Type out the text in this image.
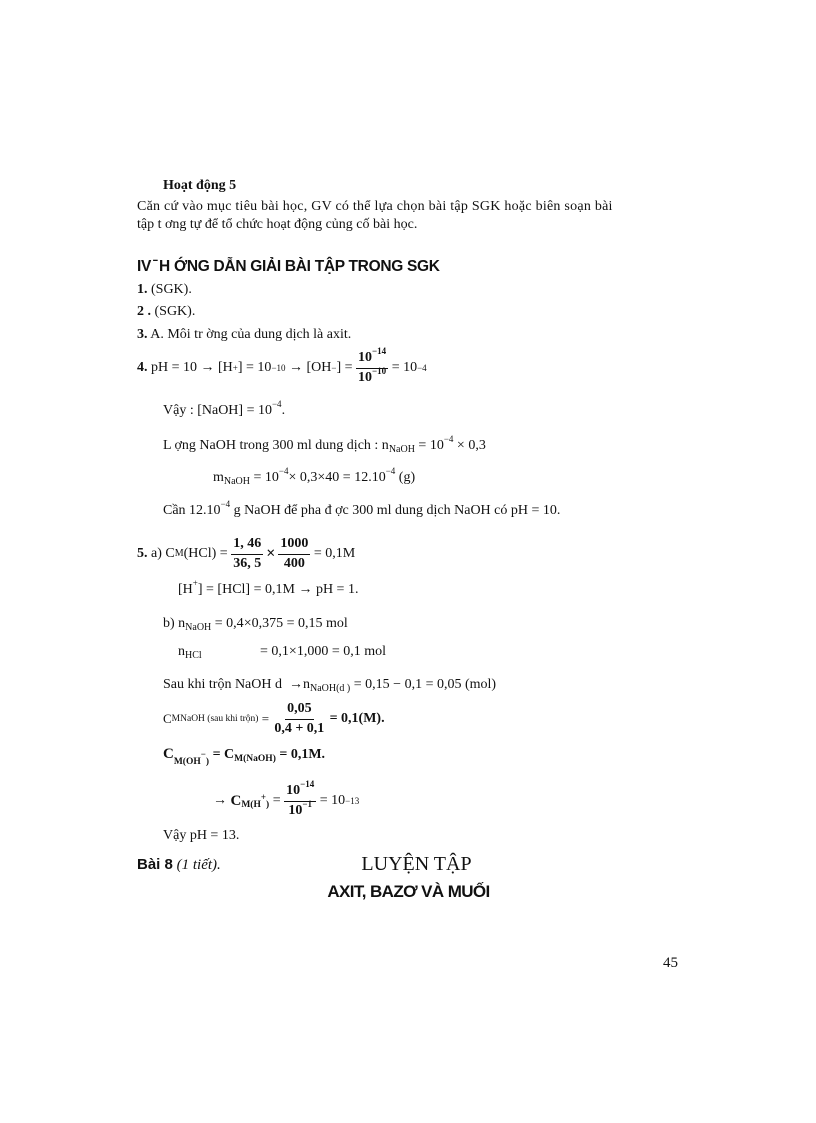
Hoạt động 5
Căn cứ vào mục tiêu bài học, GV có thể lựa chọn bài tập SGK hoặc biên soạn bài
tập t ơng tự để tổ chức hoạt động củng cố bài học.
IV ̄ H ỚNG DẪN GIẢI BÀI TẬP TRONG SGK
1. (SGK).
2 . (SGK).
3. A. Môi tr ờng của dung dịch là axit.
4.
pH = 10
→
[H + ] = 10 −10
→
[OH − ] =
$\frac{10^{-14}}{10^{-10}}$
= 10 −4
Vậy : [NaOH] = $10^{-4}$.
L ợng NaOH trong 300 ml dung dịch : $n_{NaOH} = 10^{-4} \times 0,3$
$m_{NaOH} = 10^{-4}\times 0,3\times 40 = 12.10^{-4}$ (g)
Cần $12.10^{-4}$ g NaOH để pha đ ợc 300 ml dung dịch NaOH có pH = 10.
5.
a) C M (HCl) =
$\frac{1, 46}{36, 5} \times \frac{1000}{400}$
= 0,1M
[H+] = [HCl] = 0,1M → pH = 1.
b) $n_{NaOH} = 0,4\times 0,375 = 0,15$ mol
$n_{HCl}$	= 0,1×1,000 = 0,1 mol
Sau khi trộn NaOH $d \to n_{NaOH(d )} = 0,15 - 0,1 = 0,05$ (mol)
C MNaOH (sau khi trộn)
=
$\frac{0,05}{0,4 + 0,1}$
= 0,1(M).
$C_{M(OH^-)} = C_{M(NaOH)} = 0,1M$.
→
C M(H+)
=
$\frac{10^{-14}}{10^{-1}}$
= 10 −13
Vậy pH = 13.
Bài 8 (1 tiết).	LUYỆN TẬP
AXIT, BAZƠ VÀ MUỐI
45
